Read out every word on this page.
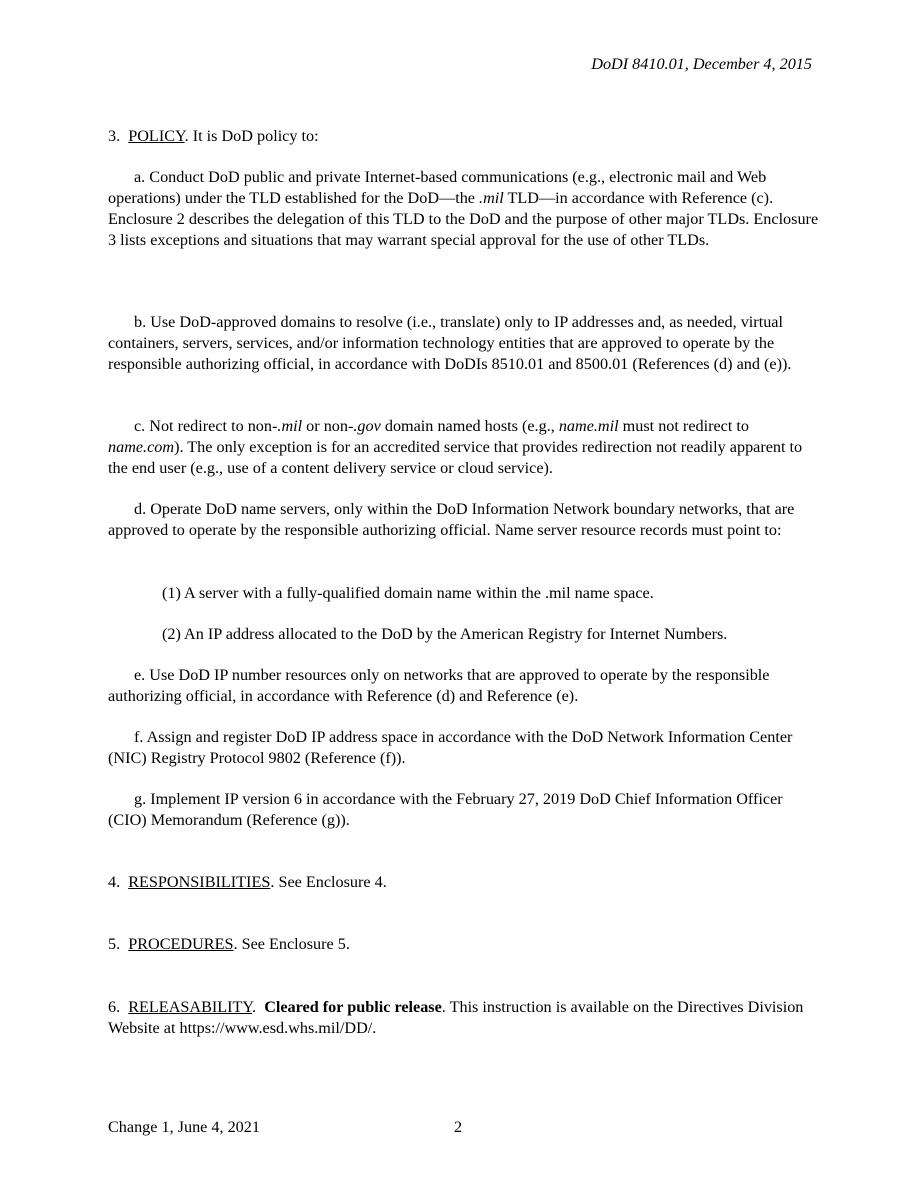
DoDI 8410.01, December 4, 2015

3. POLICY. It is DoD policy to:

a. Conduct DoD public and private Internet-based communications (e.g., electronic mail and Web operations) under the TLD established for the DoD—the .mil TLD—in accordance with Reference (c). Enclosure 2 describes the delegation of this TLD to the DoD and the purpose of other major TLDs. Enclosure 3 lists exceptions and situations that may warrant special approval for the use of other TLDs.

b. Use DoD-approved domains to resolve (i.e., translate) only to IP addresses and, as needed, virtual containers, servers, services, and/or information technology entities that are approved to operate by the responsible authorizing official, in accordance with DoDIs 8510.01 and 8500.01 (References (d) and (e)).

c. Not redirect to non-.mil or non-.gov domain named hosts (e.g., name.mil must not redirect to name.com). The only exception is for an accredited service that provides redirection not readily apparent to the end user (e.g., use of a content delivery service or cloud service).

d. Operate DoD name servers, only within the DoD Information Network boundary networks, that are approved to operate by the responsible authorizing official. Name server resource records must point to:

(1) A server with a fully-qualified domain name within the .mil name space.

(2) An IP address allocated to the DoD by the American Registry for Internet Numbers.

e. Use DoD IP number resources only on networks that are approved to operate by the responsible authorizing official, in accordance with Reference (d) and Reference (e).

f. Assign and register DoD IP address space in accordance with the DoD Network Information Center (NIC) Registry Protocol 9802 (Reference (f)).

g. Implement IP version 6 in accordance with the February 27, 2019 DoD Chief Information Officer (CIO) Memorandum (Reference (g)).

4. RESPONSIBILITIES. See Enclosure 4.

5. PROCEDURES. See Enclosure 5.

6. RELEASABILITY.  Cleared for public release. This instruction is available on the Directives Division Website at https://www.esd.whs.mil/DD/.

Change 1, June 4, 2021	2
